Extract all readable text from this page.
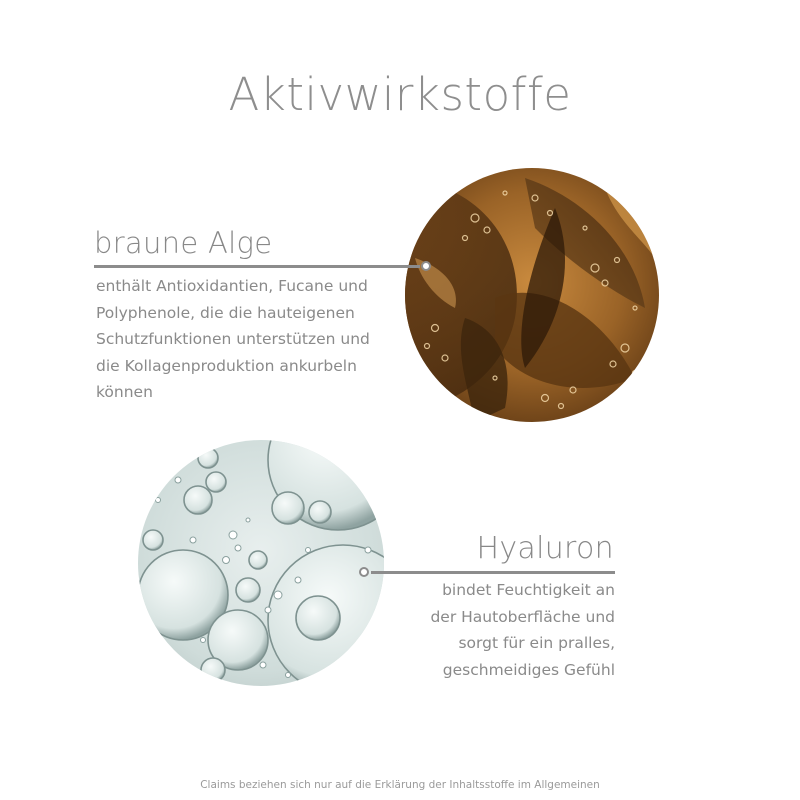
Aktivwirkstoffe
braune Alge
enthält Antioxidantien, Fucane und
Polyphenole, die die hauteigenen
Schutzfunktionen unterstützen und
die Kollagenproduktion ankurbeln
können
Hyaluron
bindet Feuchtigkeit an
der Hautoberfläche und
sorgt für ein pralles,
geschmeidiges Gefühl
Claims beziehen sich nur auf die Erklärung der Inhaltsstoffe im Allgemeinen
